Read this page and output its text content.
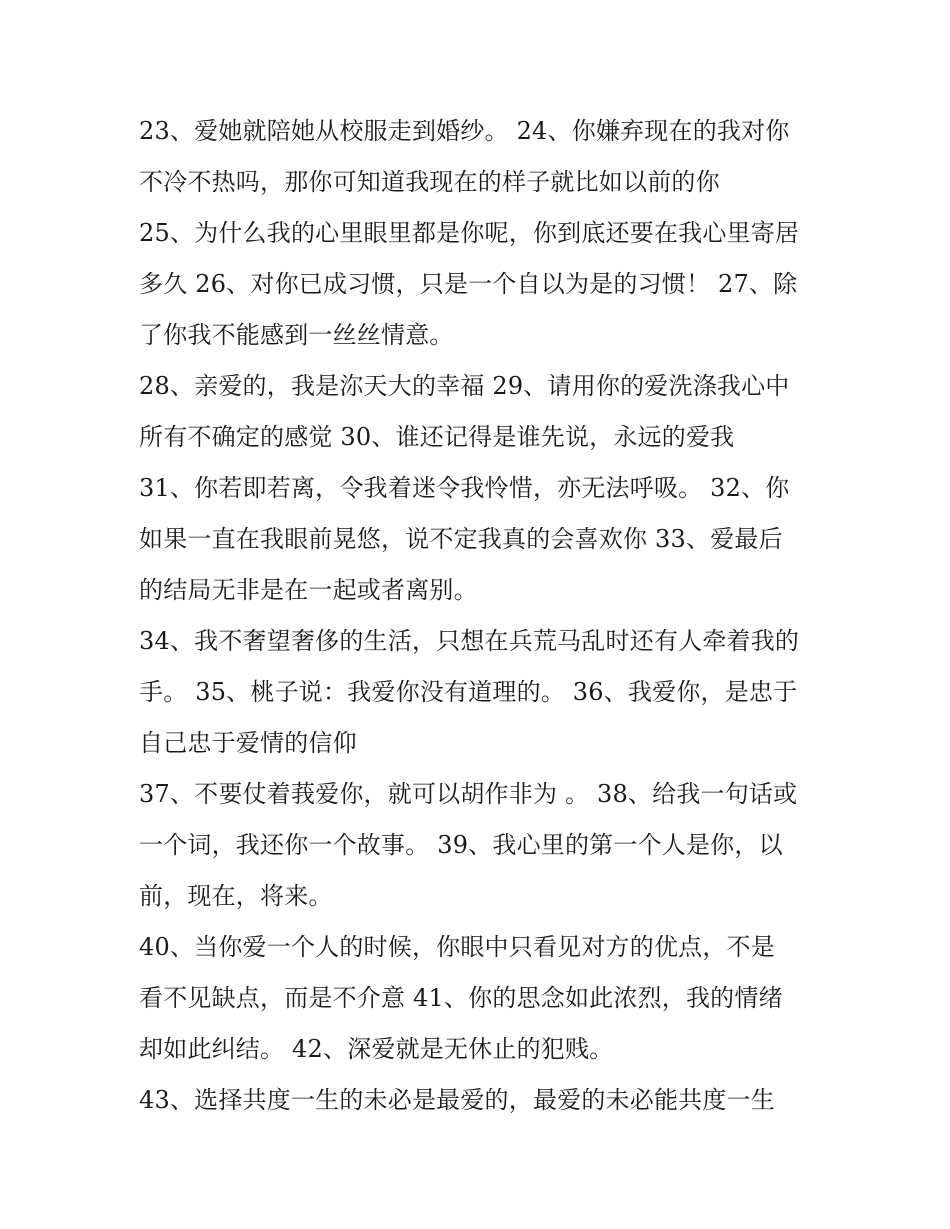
23、爱她就陪她从校服走到婚纱。 24、你嫌弃现在的我对你
不冷不热吗，那你可知道我现在的样子就比如以前的你
25、为什么我的心里眼里都是你呢，你到底还要在我心里寄居
多久 26、对你已成习惯，只是一个自以为是的习惯！ 27、除
了你我不能感到一丝丝情意。
28、亲爱的，我是沵天大的幸福 29、请用你的爱洗涤我心中
所有不确定的感觉 30、谁还记得是谁先说，永远的爱我
31、你若即若离，令我着迷令我怜惜，亦无法呼吸。 32、你
如果一直在我眼前晃悠，说不定我真的会喜欢你 33、爱最后
的结局无非是在一起或者离别。
34、我不奢望奢侈的生活，只想在兵荒马乱时还有人牵着我的
手。 35、桃子说：我爱你没有道理的。 36、我爱你，是忠于
自己忠于爱情的信仰
37、不要仗着莪爱你，就可以胡作非为 。 38、给我一句话或
一个词，我还你一个故事。 39、我心里的第一个人是你，以
前，现在，将来。
40、当你爱一个人的时候，你眼中只看见对方的优点，不是
看不见缺点，而是不介意 41、你的思念如此浓烈，我的情绪
却如此纠结。 42、深爱就是无休止的犯贱。
43、选择共度一生的未必是最爱的，最爱的未必能共度一生
